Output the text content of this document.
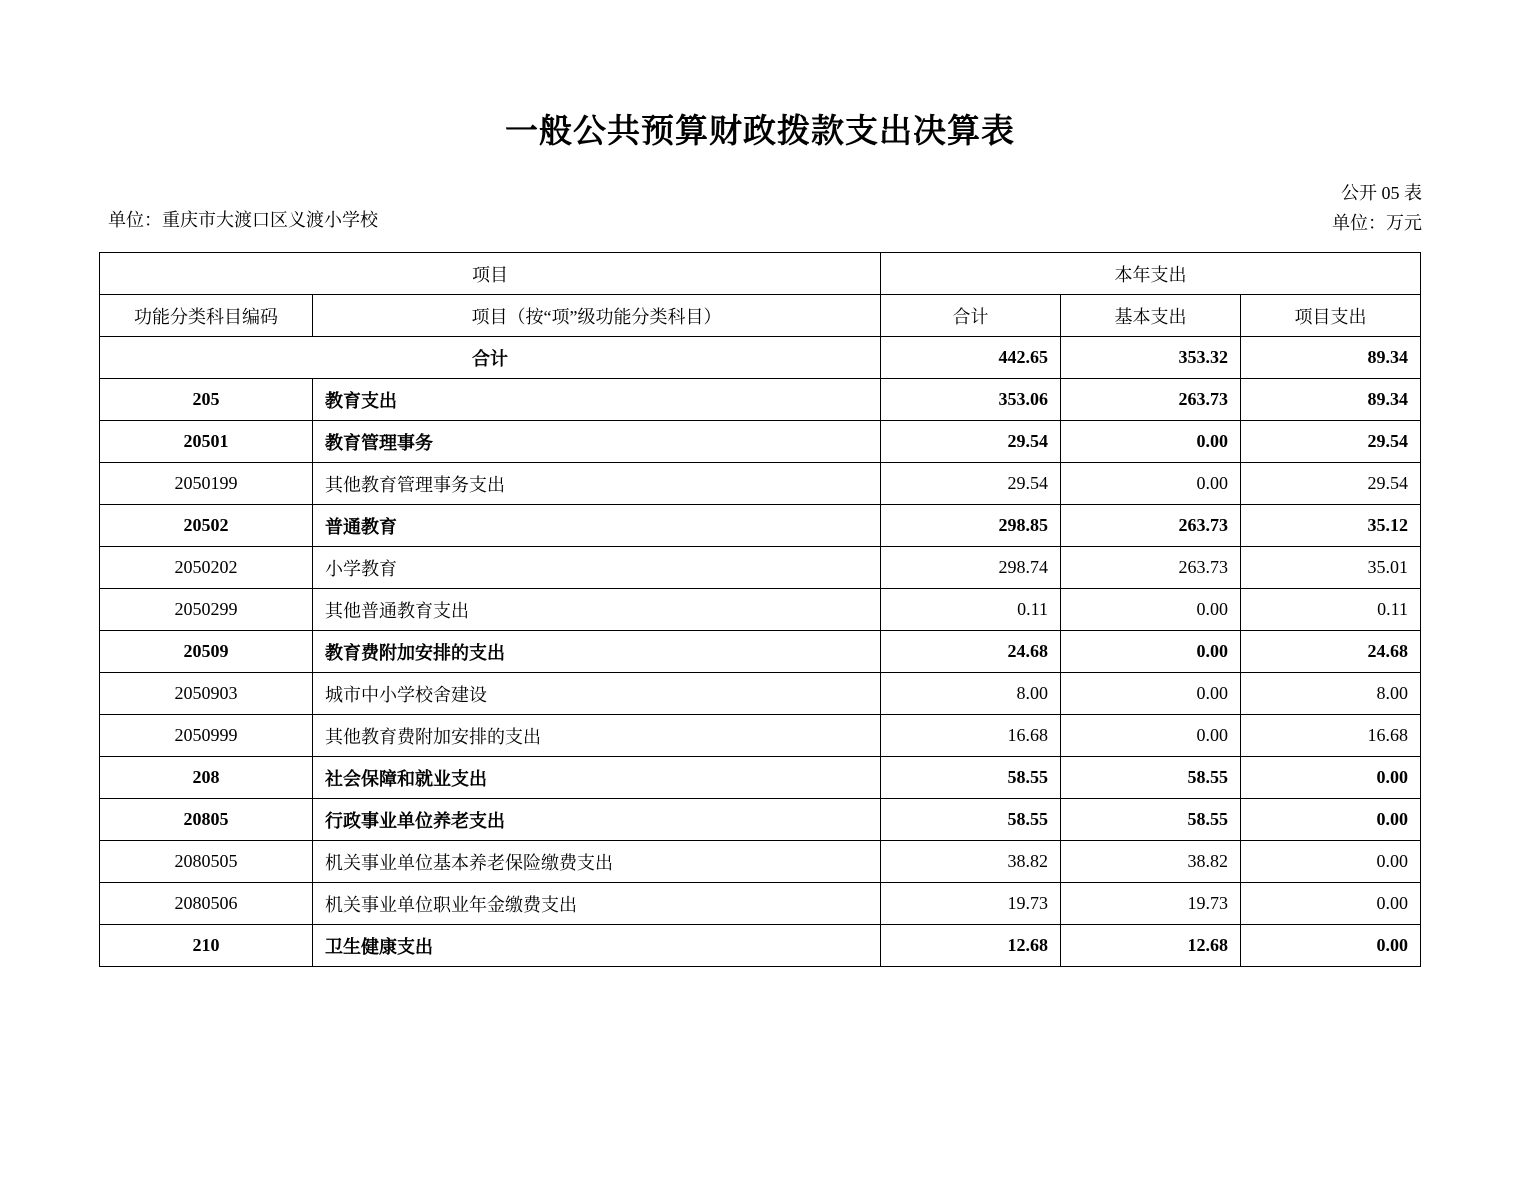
一般公共预算财政拨款支出决算表
单位：重庆市大渡口区义渡小学校
公开 05 表
单位：万元
项目		本年支出		
功能分类科目编码	项目（按“项”级功能分类科目）	合计	基本支出	项目支出
合计		442.65	353.32	89.34
205	教育支出	353.06	263.73	89.34
20501	教育管理事务	29.54	0.00	29.54
2050199	其他教育管理事务支出	29.54	0.00	29.54
20502	普通教育	298.85	263.73	35.12
2050202	小学教育	298.74	263.73	35.01
2050299	其他普通教育支出	0.11	0.00	0.11
20509	教育费附加安排的支出	24.68	0.00	24.68
2050903	城市中小学校舍建设	8.00	0.00	8.00
2050999	其他教育费附加安排的支出	16.68	0.00	16.68
208	社会保障和就业支出	58.55	58.55	0.00
20805	行政事业单位养老支出	58.55	58.55	0.00
2080505	机关事业单位基本养老保险缴费支出	38.82	38.82	0.00
2080506	机关事业单位职业年金缴费支出	19.73	19.73	0.00
210	卫生健康支出	12.68	12.68	0.00
